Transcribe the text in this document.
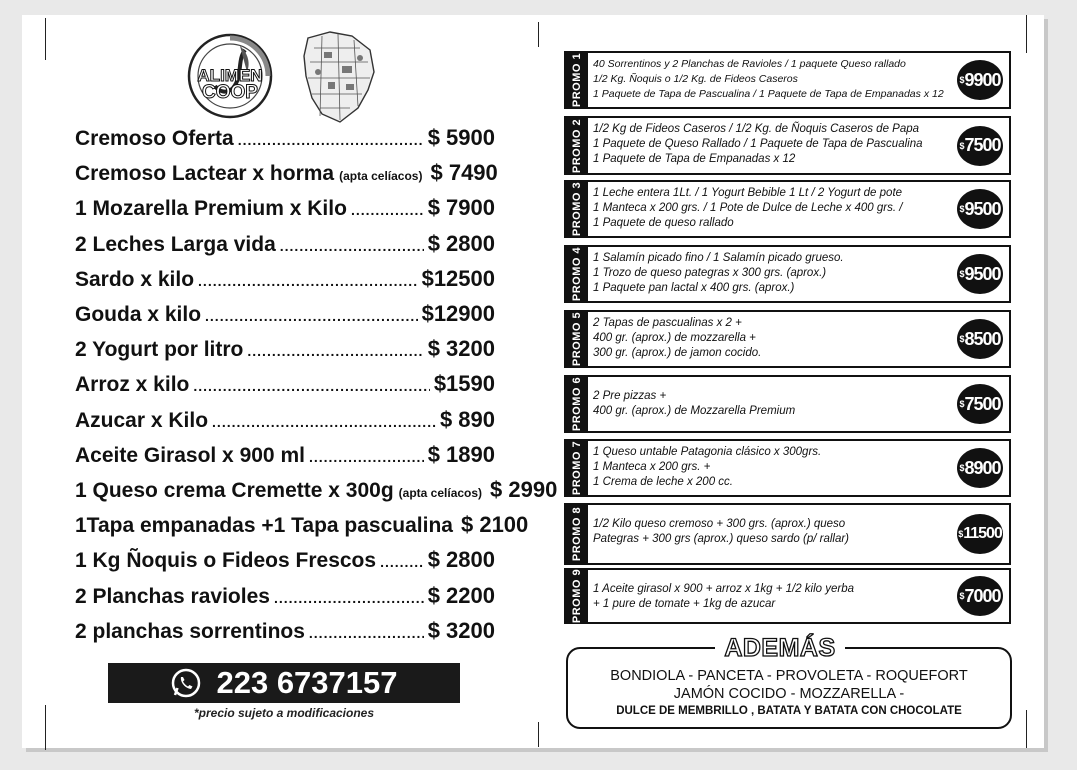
ALIMEN
COOP
Cremoso Oferta .....	$ 5900
Cremoso Lactear x horma (apta celíacos) $ 7490
1 Mozarella Premium x Kilo .....	$ 7900
2 Leches Larga vida .....	$ 2800
Sardo x kilo .....	$12500
Gouda x kilo .....	$12900
2 Yogurt por litro .....	$ 3200
Arroz x kilo .....	$1590
Azucar x Kilo .....	$ 890
Aceite Girasol x 900 ml .....	$ 1890
1 Queso crema Cremette x 300g (apta celíacos) $ 2990
1Tapa empanadas +1 Tapa pascualina $ 2100
1 Kg Ñoquis o Fideos Frescos ..... $ 2800
2 Planchas ravioles .....	$ 2200
2 planchas sorrentinos .....	$ 3200
223 6737157
*precio sujeto a modificaciones
PROMO 1 40 Sorrentinos y 2 Planchas de Ravioles / 1 paquete Queso rallado
1/2 Kg. Ñoquis o 1/2 Kg. de Fideos Caseros
1 Paquete de Tapa de Pascualina / 1 Paquete de Tapa de Empanadas x 12
$ 9900
PROMO 2 1/2 Kg de Fideos Caseros / 1/2 Kg. de Ñoquis Caseros de Papa
1 Paquete de Queso Rallado / 1 Paquete de Tapa de Pascualina
1 Paquete de Tapa de Empanadas x 12
$ 7500
PROMO 3 1 Leche entera 1Lt. / 1 Yogurt Bebible 1 Lt / 2 Yogurt de pote
1 Manteca x 200 grs. / 1 Pote de Dulce de Leche x 400 grs. /
1 Paquete de queso rallado
$ 9500
PROMO 4 1 Salamín picado fino / 1 Salamín picado grueso.
1 Trozo de queso pategras x 300 grs. (aprox.)
1 Paquete pan lactal x 400 grs. (aprox.)
$ 9500
PROMO 5 2 Tapas de pascualinas x 2 +
400 gr. (aprox.) de mozzarella +
300 gr. (aprox.) de jamon cocido.
$ 8500
PROMO 6 2 Pre pizzas +
400 gr. (aprox.) de Mozzarella Premium
$ 7500
PROMO 7 1 Queso untable Patagonia clásico x 300grs.
1 Manteca x 200 grs. +
1 Crema de leche x 200 cc.
$ 8900
PROMO 8 1/2 Kilo queso cremoso + 300 grs. (aprox.) queso
Pategras + 300 grs (aprox.) queso sardo (p/ rallar)	$ 11500
PROMO 9 1 Aceite girasol x 900 + arroz x 1kg + 1/2 kilo yerba
+ 1 pure de tomate + 1kg de azucar
$ 7000
ADEMÁS
BONDIOLA - PANCETA - PROVOLETA - ROQUEFORT
JAMÓN COCIDO - MOZZARELLA -
DULCE DE MEMBRILLO , BATATA Y BATATA CON CHOCOLATE
